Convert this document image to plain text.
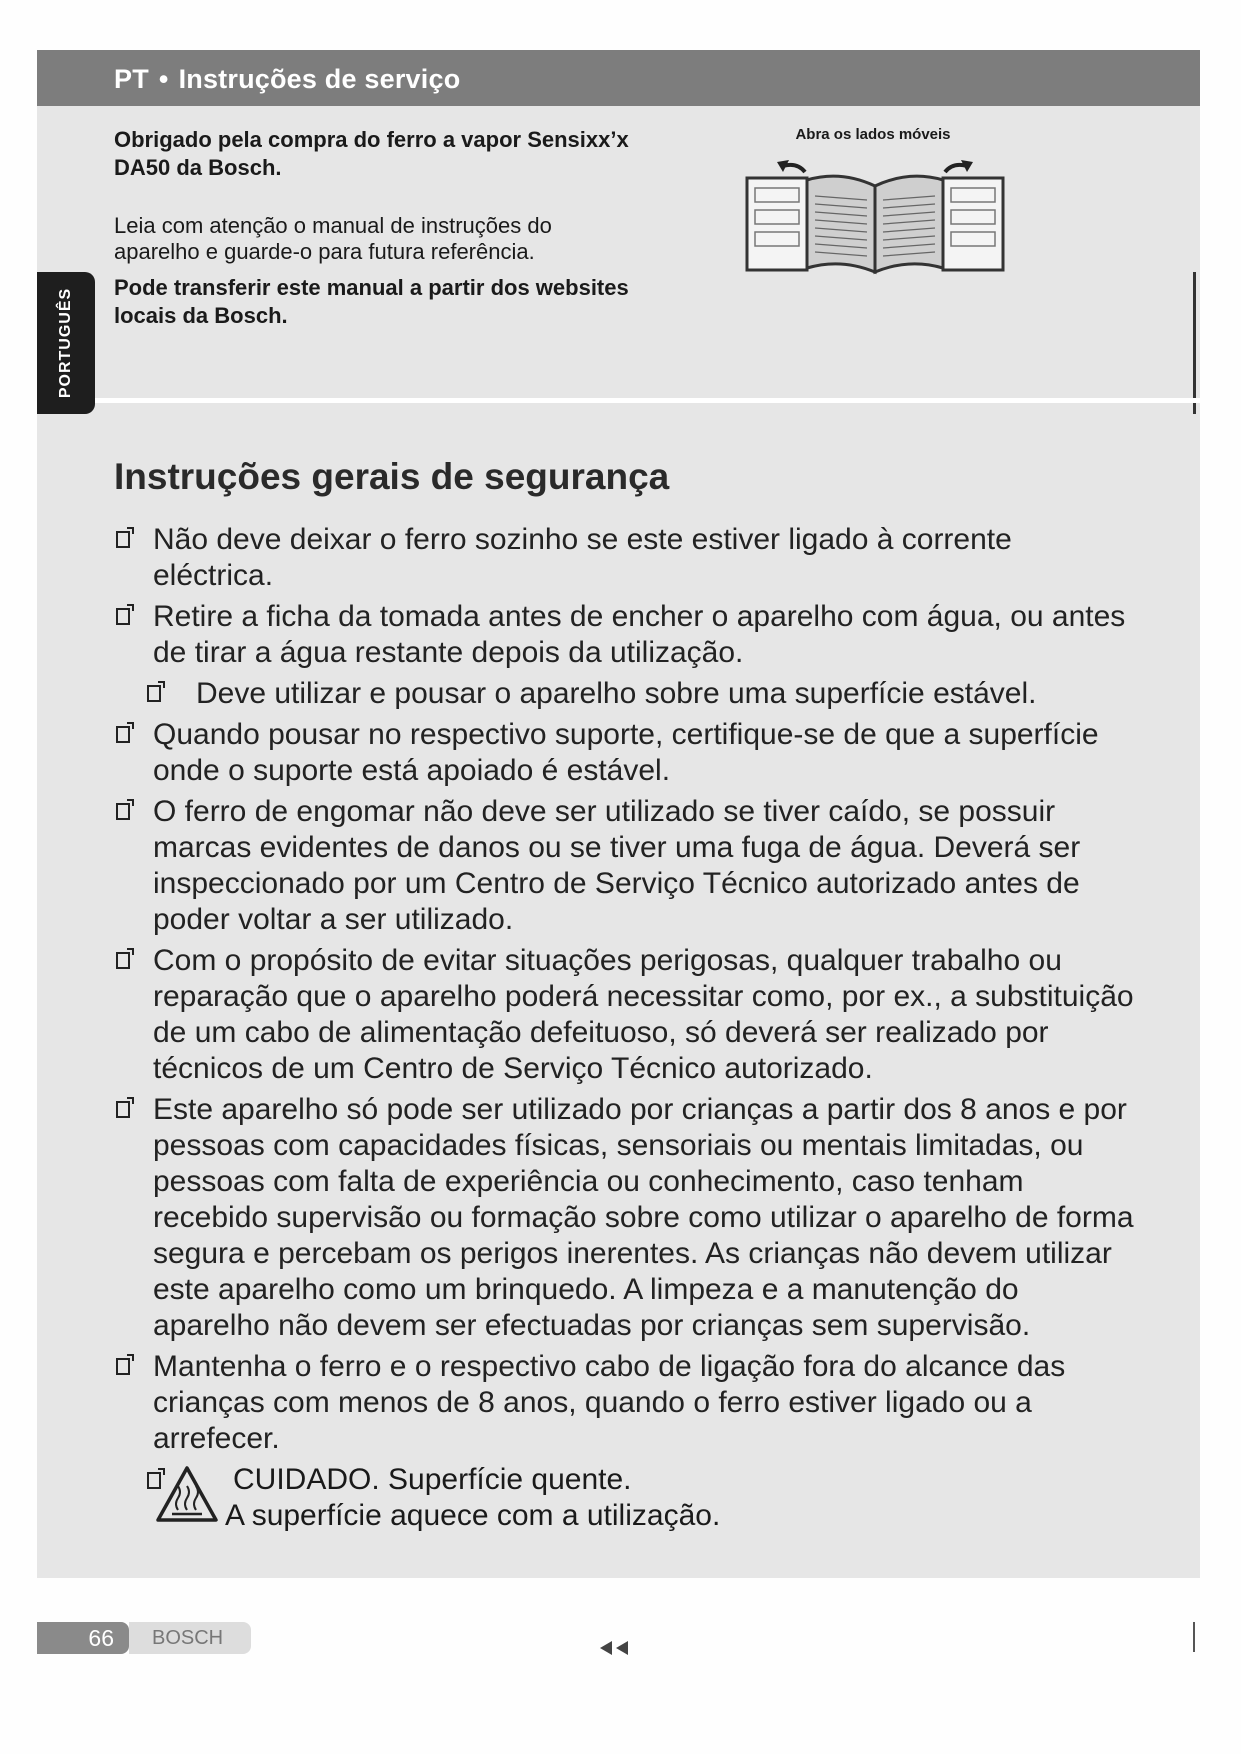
PT • Instruções de serviço
PORTUGUÊS
Obrigado pela compra do ferro a vapor Sensixx’x DA50 da Bosch.
Leia com atenção o manual de instruções do aparelho e guarde-o para futura referência.
Pode transferir este manual a partir dos websites locais da Bosch.
Abra os lados móveis
Instruções gerais de segurança
Não deve deixar o ferro sozinho se este estiver ligado à corrente eléctrica.
Retire a ficha da tomada antes de encher o aparelho com água, ou antes de tirar a água restante depois da utilização.
Deve utilizar e pousar o aparelho sobre uma superfície estável.
Quando pousar no respectivo suporte, certifique-se de que a superfície onde o suporte está apoiado é estável.
O ferro de engomar não deve ser utilizado se tiver caído, se possuir marcas evidentes de danos ou se tiver uma fuga de água. Deverá ser inspeccionado por um Centro de Serviço Técnico autorizado antes de poder voltar a ser utilizado.
Com o propósito de evitar situações perigosas, qualquer trabalho ou reparação que o aparelho poderá necessitar como, por ex., a substituição de um cabo de alimentação defeituoso, só deverá ser realizado por técnicos de um Centro de Serviço Técnico autorizado.
Este aparelho só pode ser utilizado por crianças a partir dos 8 anos e por pessoas com capacidades físicas, sensoriais ou mentais limitadas, ou pessoas com falta de experiência ou conhecimento, caso tenham recebido supervisão ou formação sobre como utilizar o aparelho de forma segura e percebam os perigos inerentes. As crianças não devem utilizar este aparelho como um brinquedo. A limpeza e a manutenção do aparelho não devem ser efectuadas por crianças sem supervisão.
Mantenha o ferro e o respectivo cabo de ligação fora do alcance das crianças com menos de 8 anos, quando o ferro estiver ligado ou a arrefecer.
CUIDADO. Superfície quente.
A superfície aquece com a utilização.
66	BOSCH
